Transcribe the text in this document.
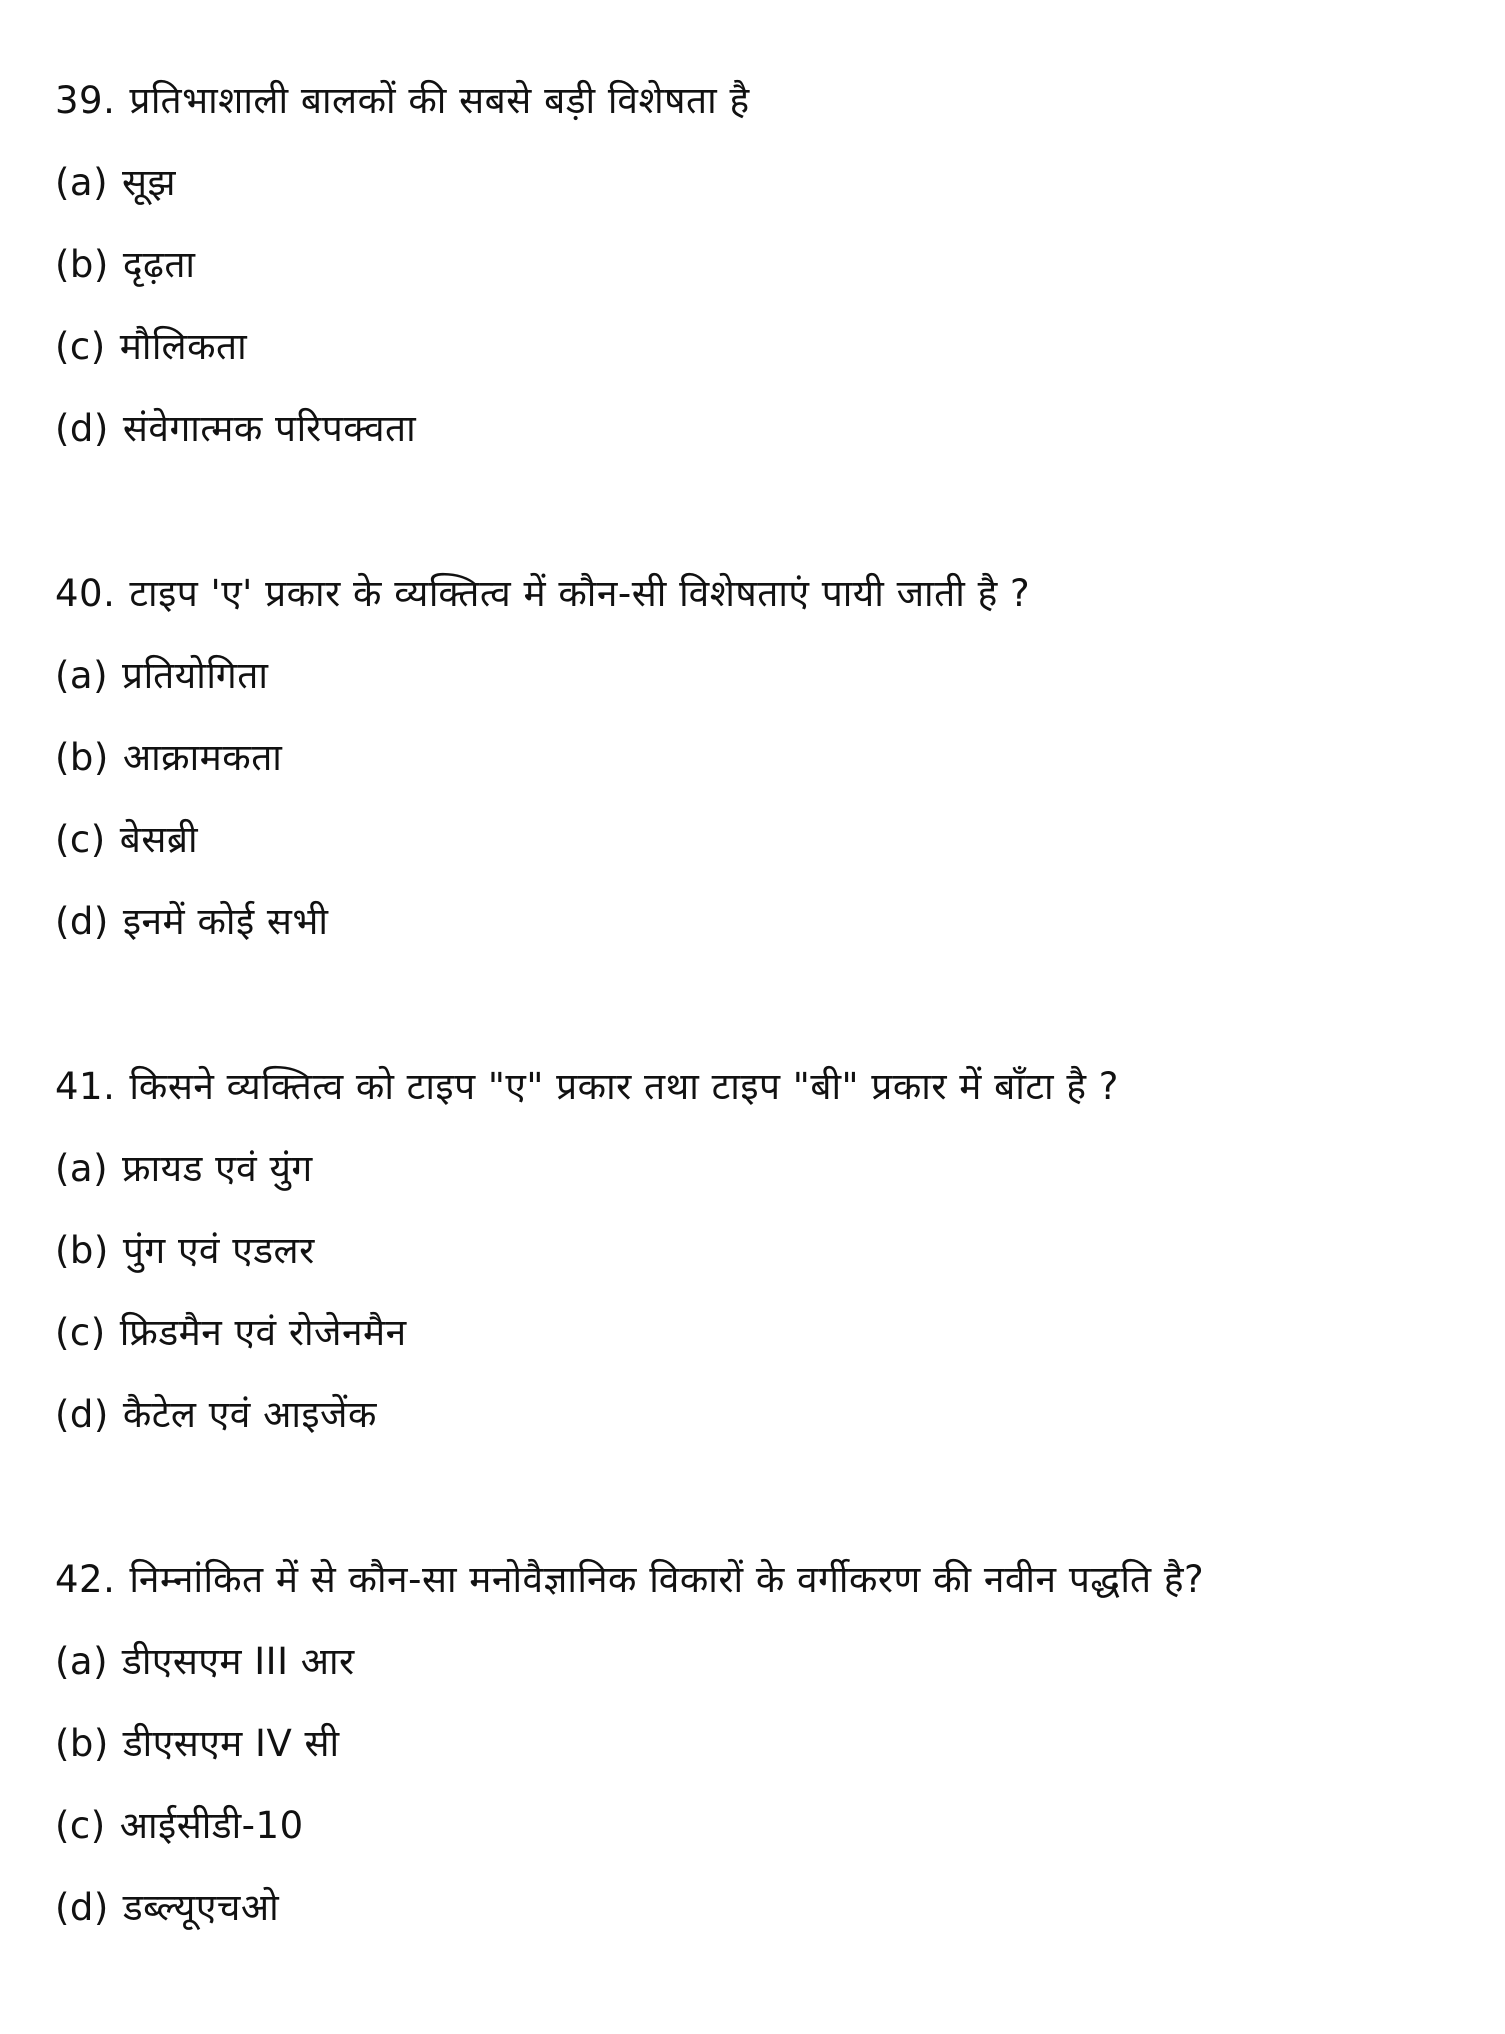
39. प्रतिभाशाली बालकों की सबसे बड़ी विशेषता है
(a) सूझ
(b) दृढ़ता
(c) मौलिकता
(d) संवेगात्मक परिपक्वता
40. टाइप 'ए' प्रकार के व्यक्तित्व में कौन-सी विशेषताएं पायी जाती है ?
(a) प्रतियोगिता
(b) आक्रामकता
(c) बेसब्री
(d) इनमें कोई सभी
41. किसने व्यक्तित्व को टाइप "ए" प्रकार तथा टाइप "बी" प्रकार में बाँटा है ?
(a) फ्रायड एवं युंग
(b) पुंग एवं एडलर
(c) फ्रिडमैन एवं रोजेनमैन
(d) कैटेल एवं आइजेंक
42. निम्नांकित में से कौन-सा मनोवैज्ञानिक विकारों के वर्गीकरण की नवीन पद्धति है?
(a) डीएसएम III आर
(b) डीएसएम IV सी
(c) आईसीडी-10
(d) डब्ल्यूएचओ
